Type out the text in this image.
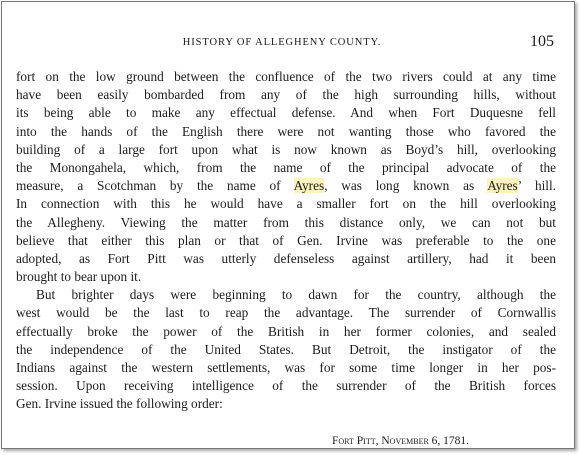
HISTORY OF ALLEGHENY COUNTY.	105
fort on the low ground between the confluence of the two rivers could at any time
have been easily bombarded from any of the high surrounding hills, without
its being able to make any effectual defense. And when Fort Duquesne fell
into the hands of the English there were not wanting those who favored the
building of a large fort upon what is now known as Boyd’s hill, overlooking
the Monongahela, which, from the name of the principal advocate of the
measure, a Scotchman by the name of Ayres, was long known as Ayres’ hill.
In connection with this he would have a smaller fort on the hill overlooking
the Allegheny. Viewing the matter from this distance only, we can not but
believe that either this plan or that of Gen. Irvine was preferable to the one
adopted, as Fort Pitt was utterly defenseless against artillery, had it been
brought to bear upon it.
But brighter days were beginning to dawn for the country, although the
west would be the last to reap the advantage. The surrender of Cornwallis
effectually broke the power of the British in her former colonies, and sealed
the independence of the United States. But Detroit, the instigator of the
Indians against the western settlements, was for some time longer in her pos-
session. Upon receiving intelligence of the surrender of the British forces
Gen. Irvine issued the following order:
Fort Pitt, November 6, 1781.
